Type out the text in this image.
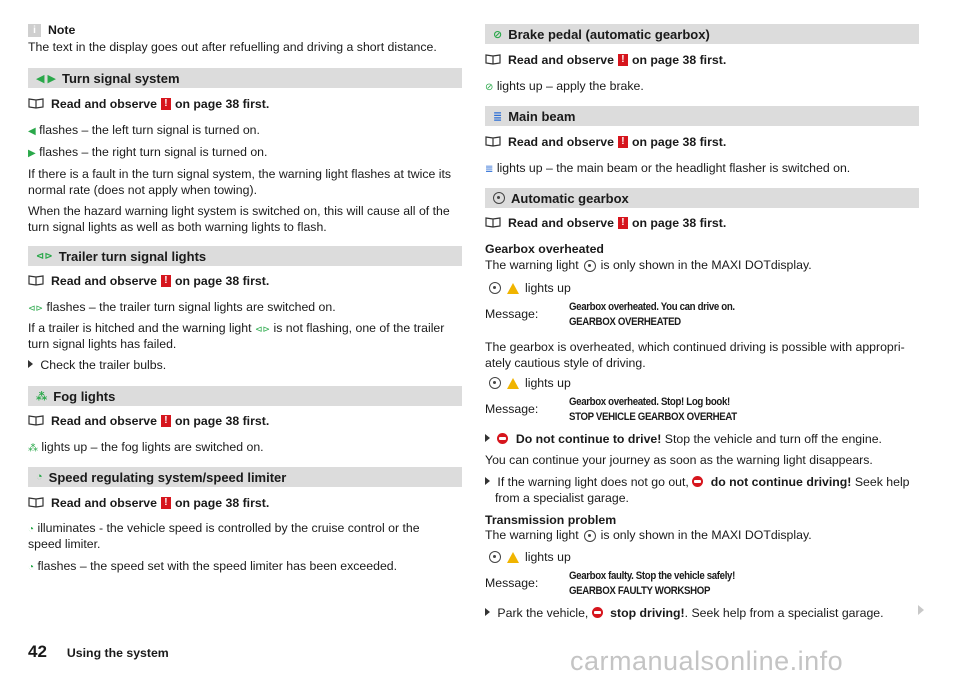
i Note
The text in the display goes out after refuelling and driving a short distance.
◀ ▶ Turn signal system
Read and observe ! on page 38 first.
◀ flashes – the left turn signal is turned on.
▶ flashes – the right turn signal is turned on.
If there is a fault in the turn signal system, the warning light flashes at twice its
normal rate (does not apply when towing).
When the hazard warning light system is switched on, this will cause all of the
turn signal lights as well as both warning lights to flash.
⊲⊳ Trailer turn signal lights
Read and observe ! on page 38 first.
⊲⊳ flashes – the trailer turn signal lights are switched on.
If a trailer is hitched and the warning light ⊲⊳ is not flashing, one of the trailer
turn signal lights has failed.
Check the trailer bulbs.
⁂ Fog lights
Read and observe ! on page 38 first.
⁂ lights up – the fog lights are switched on.
◔ Speed regulating system/speed limiter
Read and observe ! on page 38 first.
◔ illuminates - the vehicle speed is controlled by the cruise control or the
speed limiter.
◔ flashes – the speed set with the speed limiter has been exceeded.
⊘ Brake pedal (automatic gearbox)
Read and observe ! on page 38 first.
⊘ lights up – apply the brake.
≣ Main beam
Read and observe ! on page 38 first.
≣ lights up – the main beam or the headlight flasher is switched on.
Automatic gearbox
Read and observe ! on page 38 first.
Gearbox overheated
The warning light is only shown in the MAXI DOTdisplay.
lights up
Message:	Gearbox overheated. You can drive on.
GEARBOX OVERHEATED
The gearbox is overheated, which continued driving is possible with appropri-
ately cautious style of driving.
lights up
Message:	Gearbox overheated. Stop! Log book!
STOP VEHICLE GEARBOX OVERHEAT
Do not continue to drive! Stop the vehicle and turn off the engine.
You can continue your journey as soon as the warning light disappears.
If the warning light does not go out, do not continue driving! Seek help
from a specialist garage.
Transmission problem
The warning light is only shown in the MAXI DOTdisplay.
lights up
Message:	Gearbox faulty. Stop the vehicle safely!
GEARBOX FAULTY WORKSHOP
Park the vehicle, stop driving!. Seek help from a specialist garage.
42 Using the system	carmanualsonline.info
